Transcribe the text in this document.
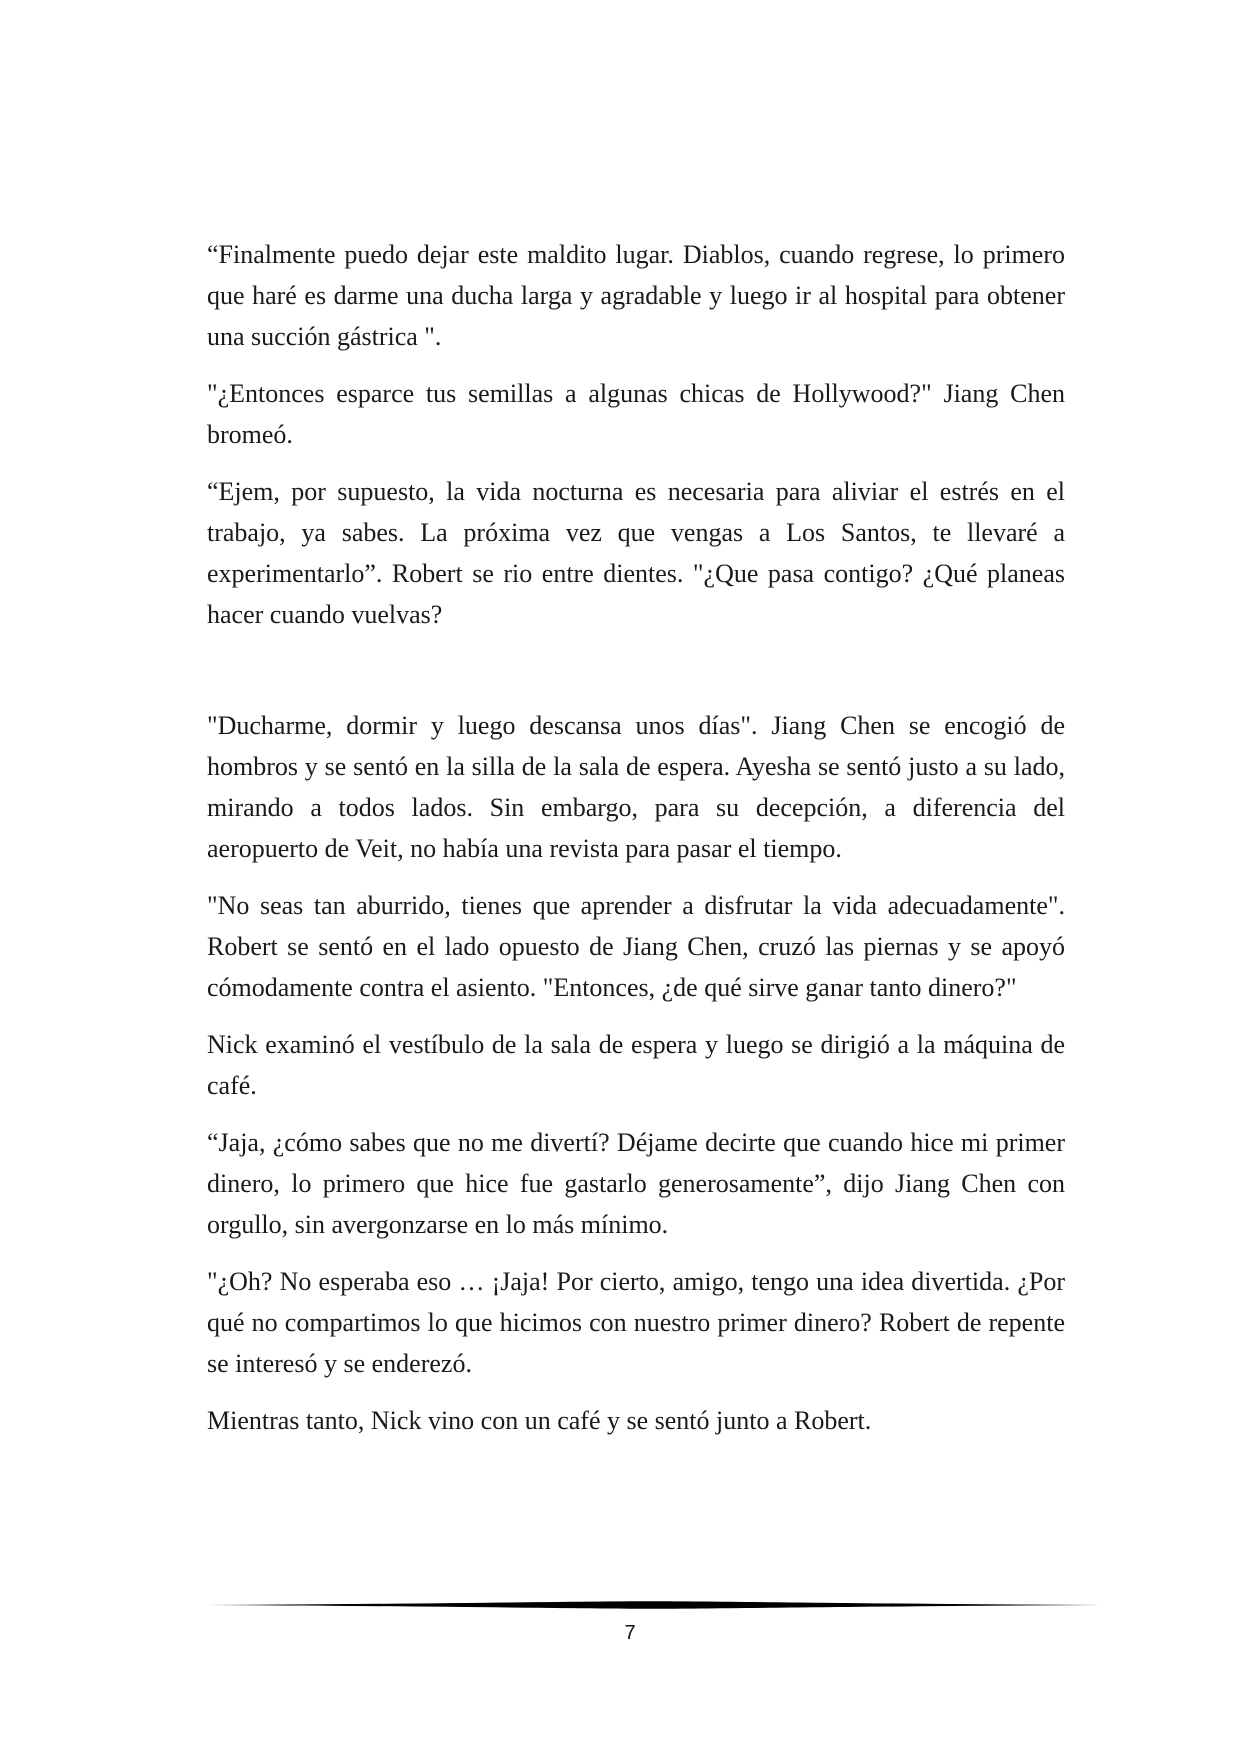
“Finalmente puedo dejar este maldito lugar. Diablos, cuando regrese, lo primero que haré es darme una ducha larga y agradable y luego ir al hospital para obtener una succión gástrica ".

"¿Entonces esparce tus semillas a algunas chicas de Hollywood?" Jiang Chen bromeó.

“Ejem, por supuesto, la vida nocturna es necesaria para aliviar el estrés en el trabajo, ya sabes. La próxima vez que vengas a Los Santos, te llevaré a experimentarlo”. Robert se rio entre dientes. "¿Que pasa contigo? ¿Qué planeas hacer cuando vuelvas?

"Ducharme, dormir y luego descansa unos días". Jiang Chen se encogió de hombros y se sentó en la silla de la sala de espera. Ayesha se sentó justo a su lado, mirando a todos lados. Sin embargo, para su decepción, a diferencia del aeropuerto de Veit, no había una revista para pasar el tiempo.

"No seas tan aburrido, tienes que aprender a disfrutar la vida adecuadamente". Robert se sentó en el lado opuesto de Jiang Chen, cruzó las piernas y se apoyó cómodamente contra el asiento. "Entonces, ¿de qué sirve ganar tanto dinero?"

Nick examinó el vestíbulo de la sala de espera y luego se dirigió a la máquina de café.

“Jaja, ¿cómo sabes que no me divertí? Déjame decirte que cuando hice mi primer dinero, lo primero que hice fue gastarlo generosamente”, dijo Jiang Chen con orgullo, sin avergonzarse en lo más mínimo.

"¿Oh? No esperaba eso … ¡Jaja! Por cierto, amigo, tengo una idea divertida. ¿Por qué no compartimos lo que hicimos con nuestro primer dinero? Robert de repente se interesó y se enderezó.

Mientras tanto, Nick vino con un café y se sentó junto a Robert.

7
